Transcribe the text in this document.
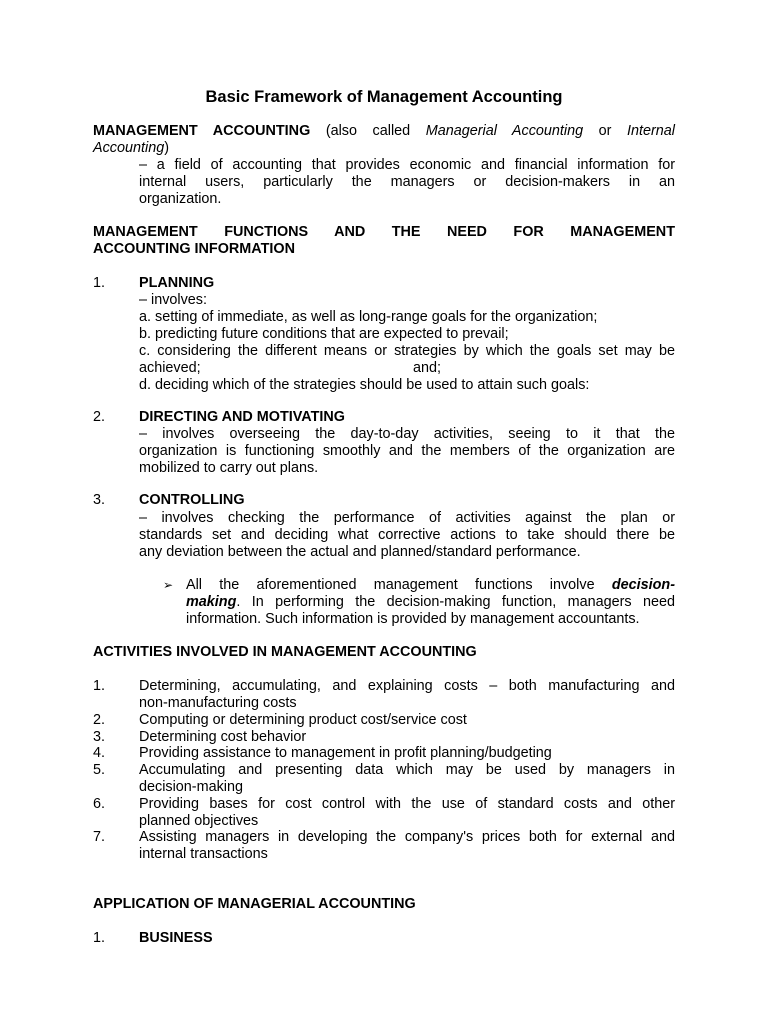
Basic Framework of Management Accounting
MANAGEMENT ACCOUNTING (also called Managerial Accounting or Internal
Accounting)
– a field of accounting that provides economic and financial information for
internal users, particularly the managers or decision-makers in an
organization.
MANAGEMENT FUNCTIONS AND THE NEED FOR MANAGEMENT
ACCOUNTING INFORMATION
1.	PLANNING
– involves:
a. setting of immediate, as well as long-range goals for the organization;
b. predicting future conditions that are expected to prevail;
c. considering the different means or strategies by which the goals set may be
achieved;	and;
d. deciding which of the strategies should be used to attain such goals:
2.	DIRECTING AND MOTIVATING
– involves overseeing the day-to-day activities, seeing to it that the
organization is functioning smoothly and the members of the organization are
mobilized to carry out plans.
3.	CONTROLLING
– involves checking the performance of activities against the plan or
standards set and deciding what corrective actions to take should there be
any deviation between the actual and planned/standard performance.
➢ All the aforementioned management functions involve decision-
making. In performing the decision-making function, managers need
information. Such information is provided by management accountants.
ACTIVITIES INVOLVED IN MANAGEMENT ACCOUNTING
1.	Determining, accumulating, and explaining costs – both manufacturing and
non-manufacturing costs
2.	Computing or determining product cost/service cost
3.	Determining cost behavior
4.	Providing assistance to management in profit planning/budgeting
5.	Accumulating and presenting data which may be used by managers in
decision-making
6.	Providing bases for cost control with the use of standard costs and other
planned objectives
7.	Assisting managers in developing the company's prices both for external and
internal transactions
APPLICATION OF MANAGERIAL ACCOUNTING
1.	BUSINESS
